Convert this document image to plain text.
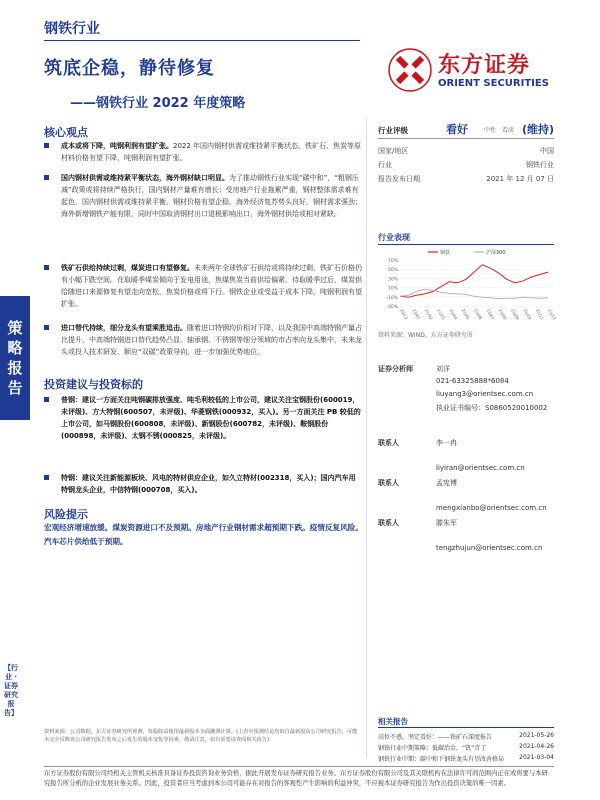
钢铁行业
筑底企稳，静待修复
——钢铁行业 2022 年度策略
东方证券
ORIENT SECURITIES
策
略
报
告
【行业 · 证券研究报告】
核心观点
成本或将下降，吨钢利润有望扩张。2022 年国内钢材供需或维持紧平衡状态，铁矿石、焦炭等原材料价格有望下降，吨钢利润有望扩张。
国内钢材供需或维持紧平衡状态，海外钢材缺口明显。为了推动钢铁行业实现“碳中和”，“粗钢压减”政策或将持续严格执行，国内钢材产量难有增长；受房地产行业拖累严重，钢材整体需求难有起色，国内钢材供需或维持紧平衡，钢材价格有望企稳。海外经济复苏势头良好，钢材需求强劲；海外新增钢铁产能有限，同时中国取消钢材出口退税影响出口，海外钢材供给或相对紧缺。
铁矿石供给持续过剩，煤炭进口有望修复。未来两年全球铁矿石供给或将持续过剩，铁矿石价格仍有小幅下跌空间。在取暖季煤炭倾向于发电用途，焦煤焦炭当前供给偏紧。待取暖季过后，煤炭供给随进口来源修复有望走向宽松，焦炭价格或将下行。钢铁企业或受益于成本下降，吨钢利润有望扩张。
进口替代持续，细分龙头有望乘胜追击。随着进口特钢均价相对下降，以及我国中高端特钢产量占比提升，中高端特钢进口替代趋势凸显。轴承钢、不锈钢等细分领域的市占率向龙头集中，未来龙头或投入技术研发，顺应“双碳”政策导向，进一步加强优势地位。
投资建议与投资标的
普钢：建议一方面关注吨钢碳排放强度、吨毛利较低的上市公司，建议关注宝钢股份(600019，未评级)、方大特钢(600507，未评级)、华菱钢铁(000932，买入)。另一方面关注 PB 较低的上市公司，如马钢股份(600808，未评级)、新钢股份(600782，未评级)、鞍钢股份(000898，未评级)、太钢不锈(000825，未评级)。
特钢：建议关注新能源板块、风电的特材供应企业，如久立特材(002318，买入)；国内汽车用特钢龙头企业，中信特钢(000708，买入)。
风险提示
宏观经济增速放缓。煤炭资源进口不及预期。房地产行业钢材需求超预期下跌。疫情反复风险。汽车芯片供给低于预期。
行业评级	看好	中性 看淡 (维持)
国家/地区	中国
行业	钢铁行业
报告发布日期	2021 年 12 月 07 日
行业表现
70%
50%
30%
10%
-10%
-30%
20/12 21/01 21/02 21/03 21/04 21/05 21/06 21/07 21/08 21/09 21/10 21/11 21/12
钢铁	沪深300
资料来源：WIND、东方证券研究所
证券分析师	刘洋
021-63325888*6084
liuyang3@orientsec.com.cn
执业证书编号：S0860520010002
联系人	李一冉
liyiran@orientsec.com.cn
联系人	孟宪博
mengxianbo@orientsec.com.cn
联系人	滕朱军
tengzhujun@orientsec.com.cn
相关报告
高位不惑，坚定看好：——铁矿石深度报告	2021-05-26
钢铁行业中期策略：低碳冶金，“钒”青了	2021-04-26
钢铁行业中期：碳中和下钢铁龙头有望改善格局	2021-03-04
资料来源：公司数据，东方证券研究所预测，每股收益使用最新股本全面摊薄计算。(上表中预测结论均取自最新股东公司研究报告，可能未完全反映该公司研究报告发布之后发生的股本变化等因素，敬请注意，如有需要请查阅相关报告)
东方证券股份有限公司经相关主管机关核准具备证券投资咨询业务资格，据此开展发布证券研究报告业务。东方证券股份有限公司及其关联机构在法律许可的范围内正在或将要与本研究报告所分析的企业发展业务关系。因此，投资者应当考虑到本公司可能存在对报告的客观性产生影响的利益冲突，不应视本证券研究报告为作出投资决策的唯一因素。
